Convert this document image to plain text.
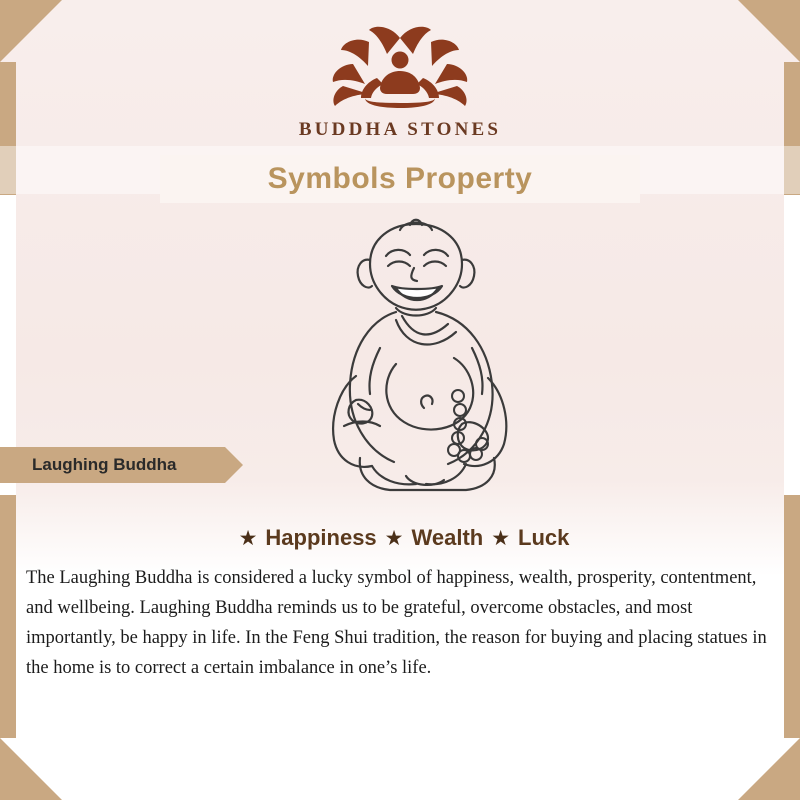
BUDDHA STONES
Symbols Property
Laughing Buddha
★ Happiness ★ Wealth ★ Luck

The Laughing Buddha is considered a lucky symbol of happiness, wealth, prosperity, contentment, and wellbeing. Laughing Buddha reminds us to be grateful, overcome obstacles, and most importantly, be happy in life. In the Feng Shui tradition, the reason for buying and placing statues in the home is to correct a certain imbalance in one’s life.
